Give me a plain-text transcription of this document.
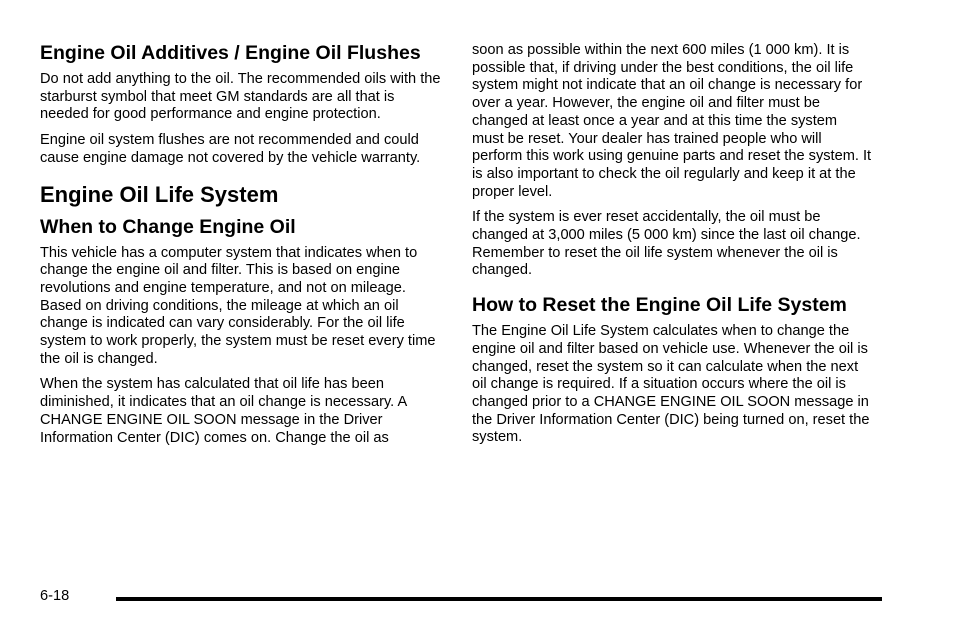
Engine Oil Additives / Engine Oil Flushes

Do not add anything to the oil. The recommended oils with the starburst symbol that meet GM standards are all that is needed for good performance and engine protection.

Engine oil system flushes are not recommended and could cause engine damage not covered by the vehicle warranty.

Engine Oil Life System
When to Change Engine Oil

This vehicle has a computer system that indicates when to change the engine oil and filter. This is based on engine revolutions and engine temperature, and not on mileage. Based on driving conditions, the mileage at which an oil change is indicated can vary considerably. For the oil life system to work properly, the system must be reset every time the oil is changed.

When the system has calculated that oil life has been diminished, it indicates that an oil change is necessary. A CHANGE ENGINE OIL SOON message in the Driver Information Center (DIC) comes on. Change the oil as

soon as possible within the next 600 miles (1 000 km). It is possible that, if driving under the best conditions, the oil life system might not indicate that an oil change is necessary for over a year. However, the engine oil and filter must be changed at least once a year and at this time the system must be reset. Your dealer has trained people who will perform this work using genuine parts and reset the system. It is also important to check the oil regularly and keep it at the proper level.

If the system is ever reset accidentally, the oil must be changed at 3,000 miles (5 000 km) since the last oil change. Remember to reset the oil life system whenever the oil is changed.

How to Reset the Engine Oil Life System

The Engine Oil Life System calculates when to change the engine oil and filter based on vehicle use. Whenever the oil is changed, reset the system so it can calculate when the next oil change is required. If a situation occurs where the oil is changed prior to a CHANGE ENGINE OIL SOON message in the Driver Information Center (DIC) being turned on, reset the system.

6-18
